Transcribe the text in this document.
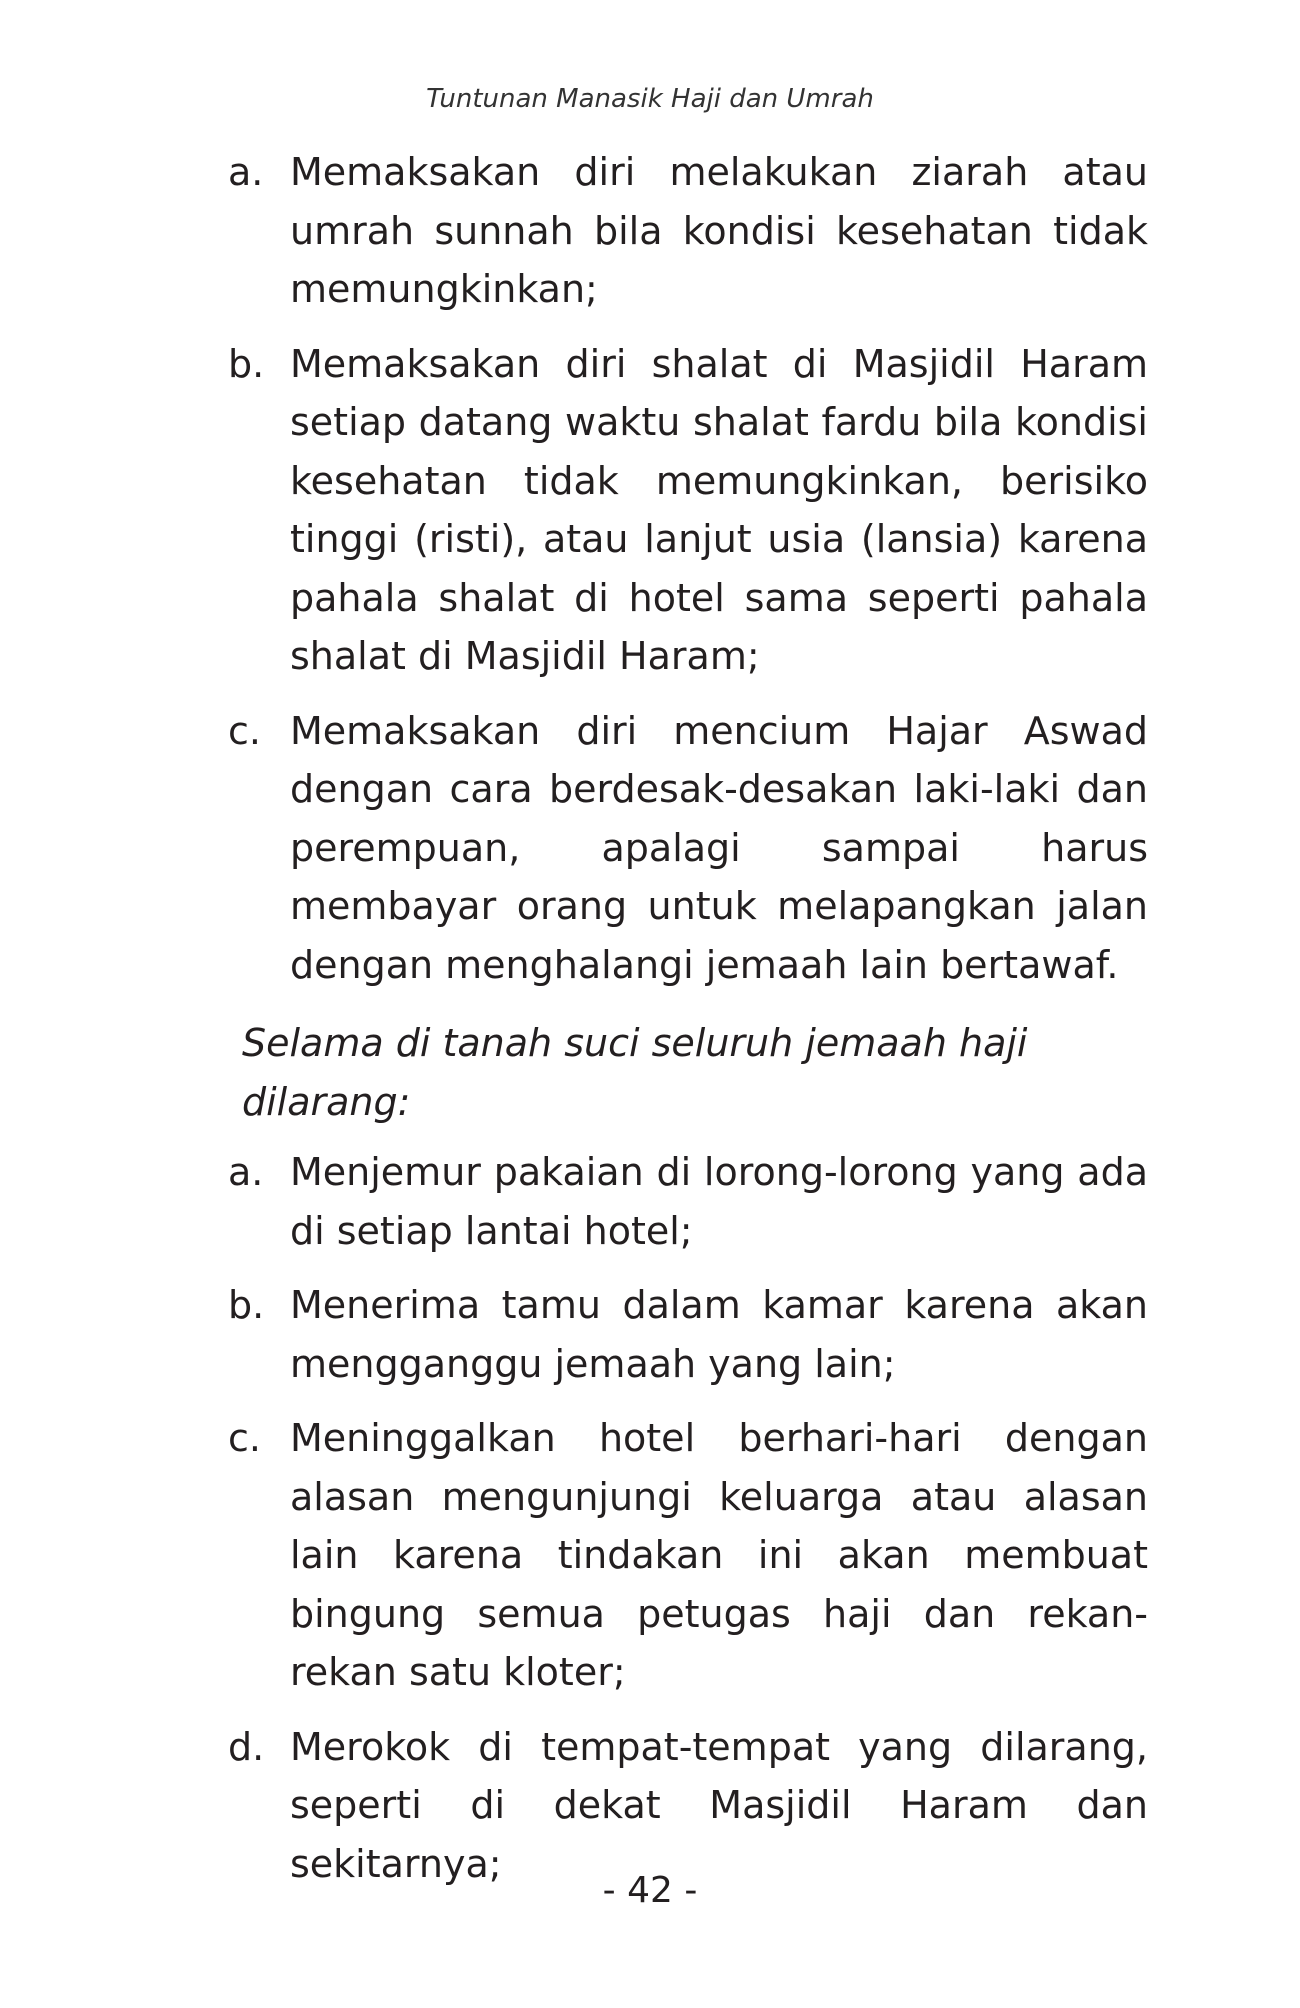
Tuntunan Manasik Haji dan Umrah
a. Memaksakan diri melakukan ziarah atau umrah sunnah bila kondisi kesehatan tidak memungkinkan;
b. Memaksakan diri shalat di Masjidil Haram setiap datang waktu shalat fardu bila kondisi kesehatan tidak memungkinkan, berisiko tinggi (risti), atau lanjut usia (lansia) karena pahala shalat di hotel sama seperti pahala shalat di Masjidil Haram;
c. Memaksakan diri mencium Hajar Aswad dengan cara berdesak-desakan laki-laki dan perempuan, apalagi sampai harus membayar orang untuk melapangkan jalan dengan menghalangi jemaah lain bertawaf.

Selama di tanah suci seluruh jemaah haji dilarang:

a. Menjemur pakaian di lorong-lorong yang ada di setiap lantai hotel;
b. Menerima tamu dalam kamar karena akan mengganggu jemaah yang lain;
c. Meninggalkan hotel berhari-hari dengan alasan mengunjungi keluarga atau alasan lain karena tindakan ini akan membuat bingung semua petugas haji dan rekan-rekan satu kloter;
d. Merokok di tempat-tempat yang dilarang, seperti di dekat Masjidil Haram dan sekitarnya;
- 42 -
